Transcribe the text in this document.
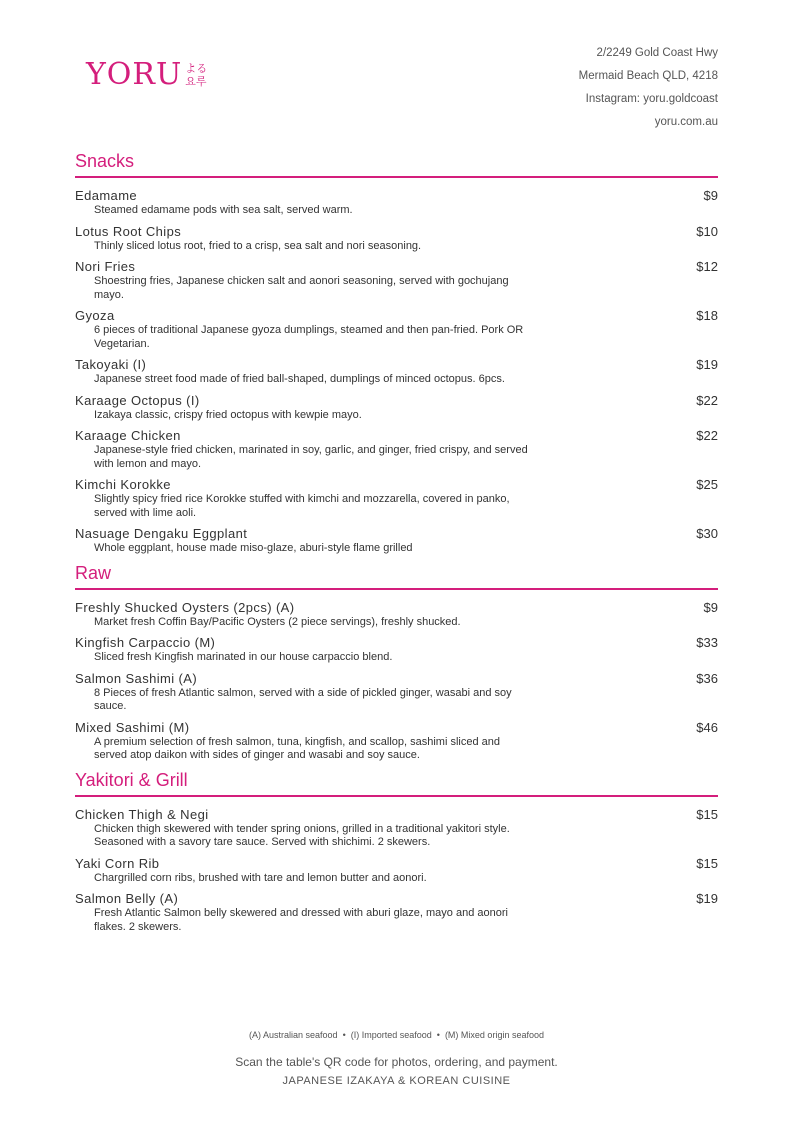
YORU よる
요루
2/2249 Gold Coast Hwy
Mermaid Beach QLD, 4218
Instagram: yoru.goldcoast
yoru.com.au
Snacks
Edamame
Steamed edamame pods with sea salt, served warm.
$9
Lotus Root Chips
Thinly sliced lotus root, fried to a crisp, sea salt and nori seasoning.
$10
Nori Fries
Shoestring fries, Japanese chicken salt and aonori seasoning, served with gochujang mayo.
$12
Gyoza
6 pieces of traditional Japanese gyoza dumplings, steamed and then pan-fried. Pork OR Vegetarian.
$18
Takoyaki (I)
Japanese street food made of fried ball-shaped, dumplings of minced octopus. 6pcs.
$19
Karaage Octopus (I)
Izakaya classic, crispy fried octopus with kewpie mayo.
$22
Karaage Chicken
Japanese-style fried chicken, marinated in soy, garlic, and ginger, fried crispy, and served with lemon and mayo.
$22
Kimchi Korokke
Slightly spicy fried rice Korokke stuffed with kimchi and mozzarella, covered in panko, served with lime aoli.
$25
Nasuage Dengaku Eggplant
Whole eggplant, house made miso-glaze, aburi-style flame grilled
$30
Raw
Freshly Shucked Oysters (2pcs) (A)
Market fresh Coffin Bay/Pacific Oysters (2 piece servings), freshly shucked.
$9
Kingfish Carpaccio (M)
Sliced fresh Kingfish marinated in our house carpaccio blend.
$33
Salmon Sashimi (A)
8 Pieces of fresh Atlantic salmon, served with a side of pickled ginger, wasabi and soy sauce.
$36
Mixed Sashimi (M)
A premium selection of fresh salmon, tuna, kingfish, and scallop, sashimi sliced and served atop daikon with sides of ginger and wasabi and soy sauce.
$46
Yakitori & Grill
Chicken Thigh & Negi
Chicken thigh skewered with tender spring onions, grilled in a traditional yakitori style. Seasoned with a savory tare sauce. Served with shichimi. 2 skewers.
$15
Yaki Corn Rib
Chargrilled corn ribs, brushed with tare and lemon butter and aonori.
$15
Salmon Belly (A)
Fresh Atlantic Salmon belly skewered and dressed with aburi glaze, mayo and aonori flakes. 2 skewers.
$19
(A) Australian seafood • (I) Imported seafood • (M) Mixed origin seafood
Scan the table's QR code for photos, ordering, and payment.
JAPANESE IZAKAYA & KOREAN CUISINE
